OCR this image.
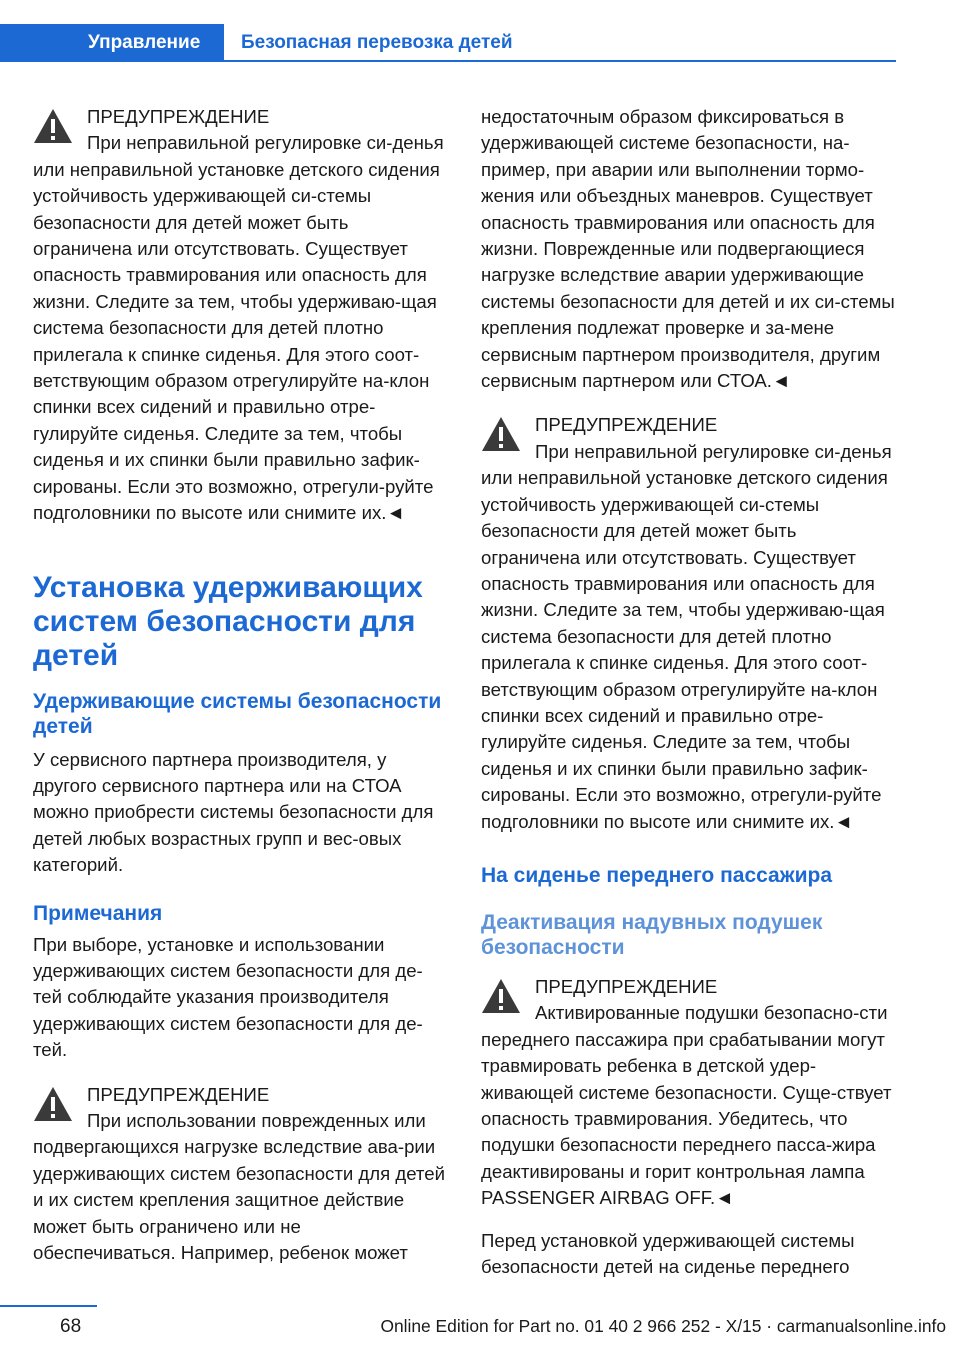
Управление Безопасная перевозка детей

ПРЕДУПРЕЖДЕНИЕ

При неправильной регулировке си-денья или неправильной установке детского сидения устойчивость удерживающей си-стемы безопасности для детей может быть ограничена или отсутствовать. Существует опасность травмирования или опасность для жизни. Следите за тем, чтобы удерживаю-щая система безопасности для детей плотно прилегала к спинке сиденья. Для этого соот-ветствующим образом отрегулируйте на-клон спинки всех сидений и правильно отре-гулируйте сиденья. Следите за тем, чтобы сиденья и их спинки были правильно зафик-сированы. Если это возможно, отрегули-руйте подголовники по высоте или снимите их.◄

Установка удерживающих систем безопасности для детей
Удерживающие системы безопасности детей

У сервисного партнера производителя, у другого сервисного партнера или на СТОА можно приобрести системы безопасности для детей любых возрастных групп и вес-овых категорий.

Примечания

При выборе, установке и использовании удерживающих систем безопасности для де-тей соблюдайте указания производителя удерживающих систем безопасности для де-тей.

ПРЕДУПРЕЖДЕНИЕ

При использовании поврежденных или подвергающихся нагрузке вследствие ава-рии удерживающих систем безопасности для детей и их систем крепления защитное действие может быть ограничено или не обеспечиваться. Например, ребенок может

недостаточным образом фиксироваться в удерживающей системе безопасности, на-пример, при аварии или выполнении тормо-жения или объездных маневров. Существует опасность травмирования или опасность для жизни. Поврежденные или подвергающиеся нагрузке вследствие аварии удерживающие системы безопасности для детей и их си-стемы крепления подлежат проверке и за-мене сервисным партнером производителя, другим сервисным партнером или СТОА.◄

ПРЕДУПРЕЖДЕНИЕ

При неправильной регулировке си-денья или неправильной установке детского сидения устойчивость удерживающей си-стемы безопасности для детей может быть ограничена или отсутствовать. Существует опасность травмирования или опасность для жизни. Следите за тем, чтобы удерживаю-щая система безопасности для детей плотно прилегала к спинке сиденья. Для этого соот-ветствующим образом отрегулируйте на-клон спинки всех сидений и правильно отре-гулируйте сиденья. Следите за тем, чтобы сиденья и их спинки были правильно зафик-сированы. Если это возможно, отрегули-руйте подголовники по высоте или снимите их.◄

На сиденье переднего пассажира
Деактивация надувных подушек безопасности

ПРЕДУПРЕЖДЕНИЕ

Активированные подушки безопасно-сти переднего пассажира при срабатывании могут травмировать ребенка в детской удер-живающей системе безопасности. Суще-ствует опасность травмирования. Убедитесь, что подушки безопасности переднего пасса-жира деактивированы и горит контрольная лампа PASSENGER AIRBAG OFF.◄

Перед установкой удерживающей системы безопасности детей на сиденье переднего

68	Online Edition for Part no. 01 40 2 966 252 - X/15 · carmanualsonline.info
